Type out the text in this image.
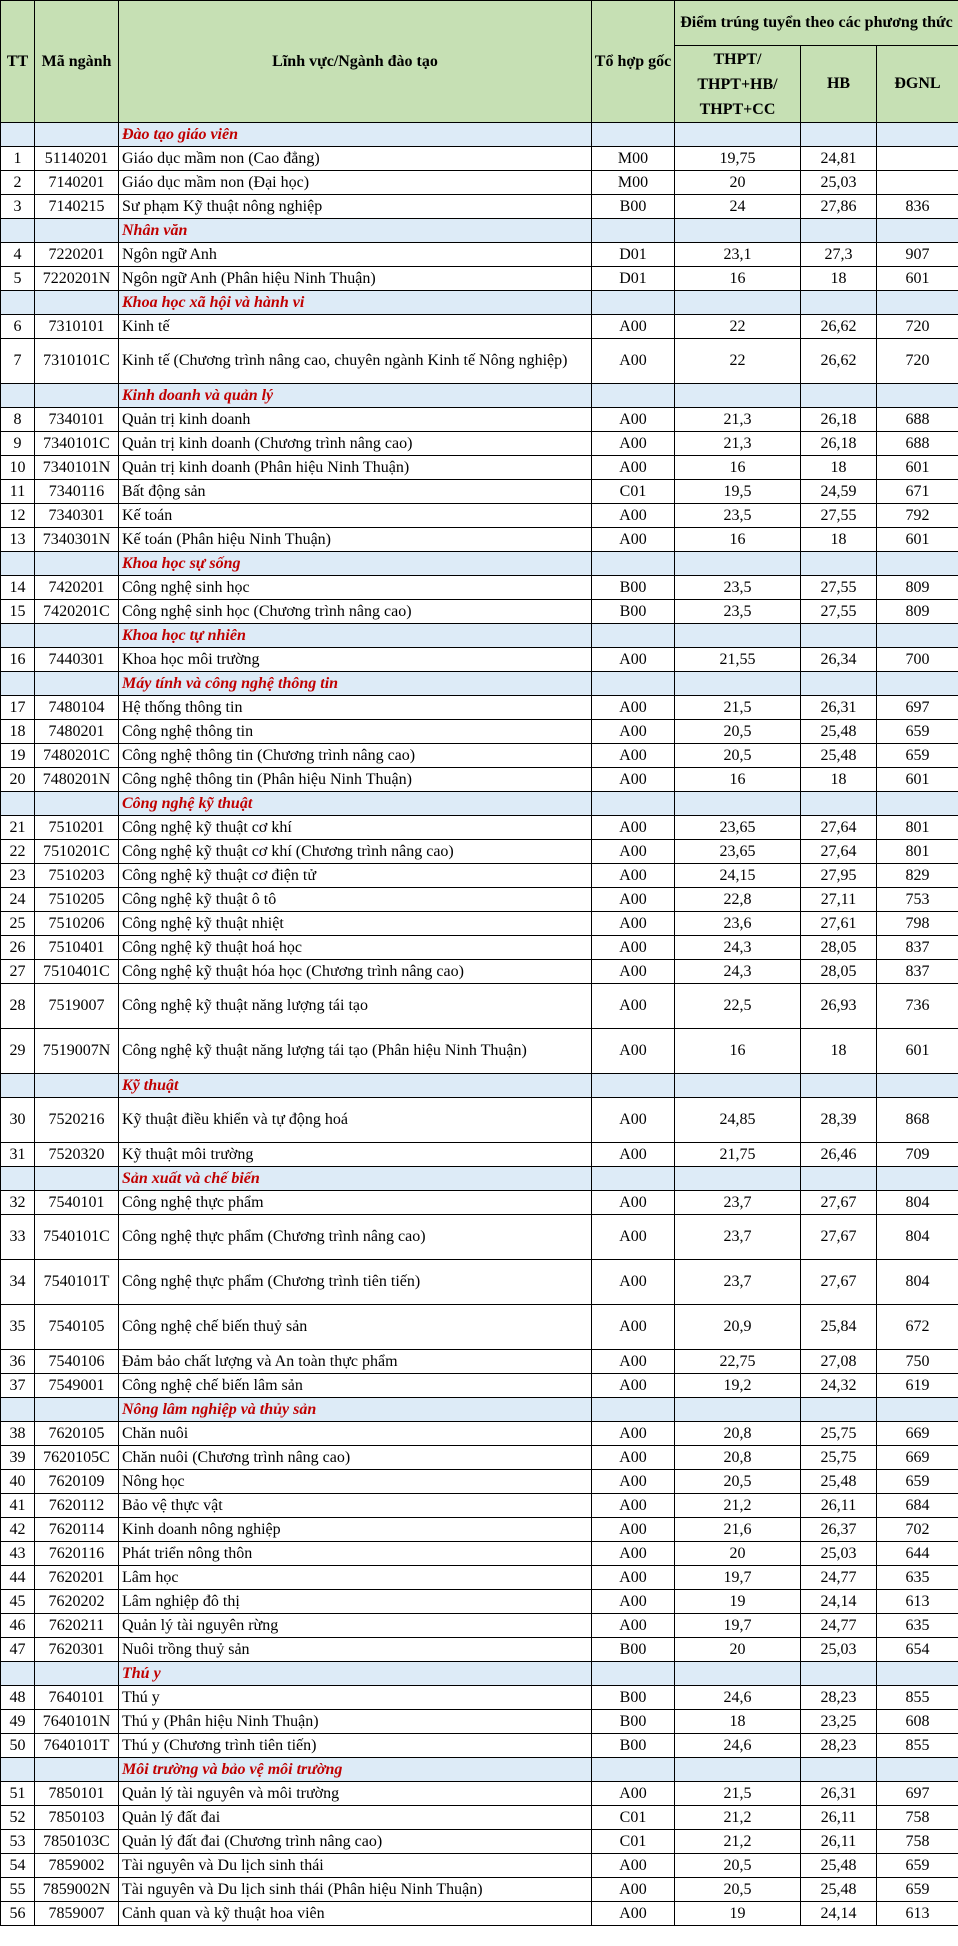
TT	Mã ngành	Lĩnh vực/Ngành đào tạo	Tổ hợp gốc	Điểm trúng tuyển theo các phương thức		
				THPT/ THPT+HB/ THPT+CC	HB	ĐGNL
		Đào tạo giáo viên				
1	51140201	Giáo dục mầm non (Cao đẳng)	M00	19,75	24,81	
2	7140201	Giáo dục mầm non (Đại học)	M00	20	25,03	
3	7140215	Sư phạm Kỹ thuật nông nghiệp	B00	24	27,86	836
		Nhân văn				
4	7220201	Ngôn ngữ Anh	D01	23,1	27,3	907
5	7220201N	Ngôn ngữ Anh (Phân hiệu Ninh Thuận)	D01	16	18	601
		Khoa học xã hội và hành vi				
6	7310101	Kinh tế	A00	22	26,62	720
7	7310101C	Kinh tế (Chương trình nâng cao, chuyên ngành Kinh tế Nông nghiệp)	A00	22	26,62	720
		Kinh doanh và quản lý				
8	7340101	Quản trị kinh doanh	A00	21,3	26,18	688
9	7340101C	Quản trị kinh doanh (Chương trình nâng cao)	A00	21,3	26,18	688
10	7340101N	Quản trị kinh doanh (Phân hiệu Ninh Thuận)	A00	16	18	601
11	7340116	Bất động sản	C01	19,5	24,59	671
12	7340301	Kế toán	A00	23,5	27,55	792
13	7340301N	Kế toán (Phân hiệu Ninh Thuận)	A00	16	18	601
		Khoa học sự sống				
14	7420201	Công nghệ sinh học	B00	23,5	27,55	809
15	7420201C	Công nghệ sinh học (Chương trình nâng cao)	B00	23,5	27,55	809
		Khoa học tự nhiên				
16	7440301	Khoa học môi trường	A00	21,55	26,34	700
		Máy tính và công nghệ thông tin				
17	7480104	Hệ thống thông tin	A00	21,5	26,31	697
18	7480201	Công nghệ thông tin	A00	20,5	25,48	659
19	7480201C	Công nghệ thông tin (Chương trình nâng cao)	A00	20,5	25,48	659
20	7480201N	Công nghệ thông tin (Phân hiệu Ninh Thuận)	A00	16	18	601
		Công nghệ kỹ thuật				
21	7510201	Công nghệ kỹ thuật cơ khí	A00	23,65	27,64	801
22	7510201C	Công nghệ kỹ thuật cơ khí (Chương trình nâng cao)	A00	23,65	27,64	801
23	7510203	Công nghệ kỹ thuật cơ điện tử	A00	24,15	27,95	829
24	7510205	Công nghệ kỹ thuật ô tô	A00	22,8	27,11	753
25	7510206	Công nghệ kỹ thuật nhiệt	A00	23,6	27,61	798
26	7510401	Công nghệ kỹ thuật hoá học	A00	24,3	28,05	837
27	7510401C	Công nghệ kỹ thuật hóa học (Chương trình nâng cao)	A00	24,3	28,05	837
28	7519007	Công nghệ kỹ thuật năng lượng tái tạo	A00	22,5	26,93	736
29	7519007N	Công nghệ kỹ thuật năng lượng tái tạo (Phân hiệu Ninh Thuận)	A00	16	18	601
		Kỹ thuật				
30	7520216	Kỹ thuật điều khiển và tự động hoá	A00	24,85	28,39	868
31	7520320	Kỹ thuật môi trường	A00	21,75	26,46	709
		Sản xuất và chế biến				
32	7540101	Công nghệ thực phẩm	A00	23,7	27,67	804
33	7540101C	Công nghệ thực phẩm (Chương trình nâng cao)	A00	23,7	27,67	804
34	7540101T	Công nghệ thực phẩm (Chương trình tiên tiến)	A00	23,7	27,67	804
35	7540105	Công nghệ chế biến thuỷ sản	A00	20,9	25,84	672
36	7540106	Đảm bảo chất lượng và An toàn thực phẩm	A00	22,75	27,08	750
37	7549001	Công nghệ chế biến lâm sản	A00	19,2	24,32	619
		Nông lâm nghiệp và thủy sản				
38	7620105	Chăn nuôi	A00	20,8	25,75	669
39	7620105C	Chăn nuôi (Chương trình nâng cao)	A00	20,8	25,75	669
40	7620109	Nông học	A00	20,5	25,48	659
41	7620112	Bảo vệ thực vật	A00	21,2	26,11	684
42	7620114	Kinh doanh nông nghiệp	A00	21,6	26,37	702
43	7620116	Phát triển nông thôn	A00	20	25,03	644
44	7620201	Lâm học	A00	19,7	24,77	635
45	7620202	Lâm nghiệp đô thị	A00	19	24,14	613
46	7620211	Quản lý tài nguyên rừng	A00	19,7	24,77	635
47	7620301	Nuôi trồng thuỷ sản	B00	20	25,03	654
		Thú y				
48	7640101	Thú y	B00	24,6	28,23	855
49	7640101N	Thú y (Phân hiệu Ninh Thuận)	B00	18	23,25	608
50	7640101T	Thú y (Chương trình tiên tiến)	B00	24,6	28,23	855
		Môi trường và bảo vệ môi trường				
51	7850101	Quản lý tài nguyên và môi trường	A00	21,5	26,31	697
52	7850103	Quản lý đất đai	C01	21,2	26,11	758
53	7850103C	Quản lý đất đai (Chương trình nâng cao)	C01	21,2	26,11	758
54	7859002	Tài nguyên và Du lịch sinh thái	A00	20,5	25,48	659
55	7859002N	Tài nguyên và Du lịch sinh thái (Phân hiệu Ninh Thuận)	A00	20,5	25,48	659
56	7859007	Cảnh quan và kỹ thuật hoa viên	A00	19	24,14	613
